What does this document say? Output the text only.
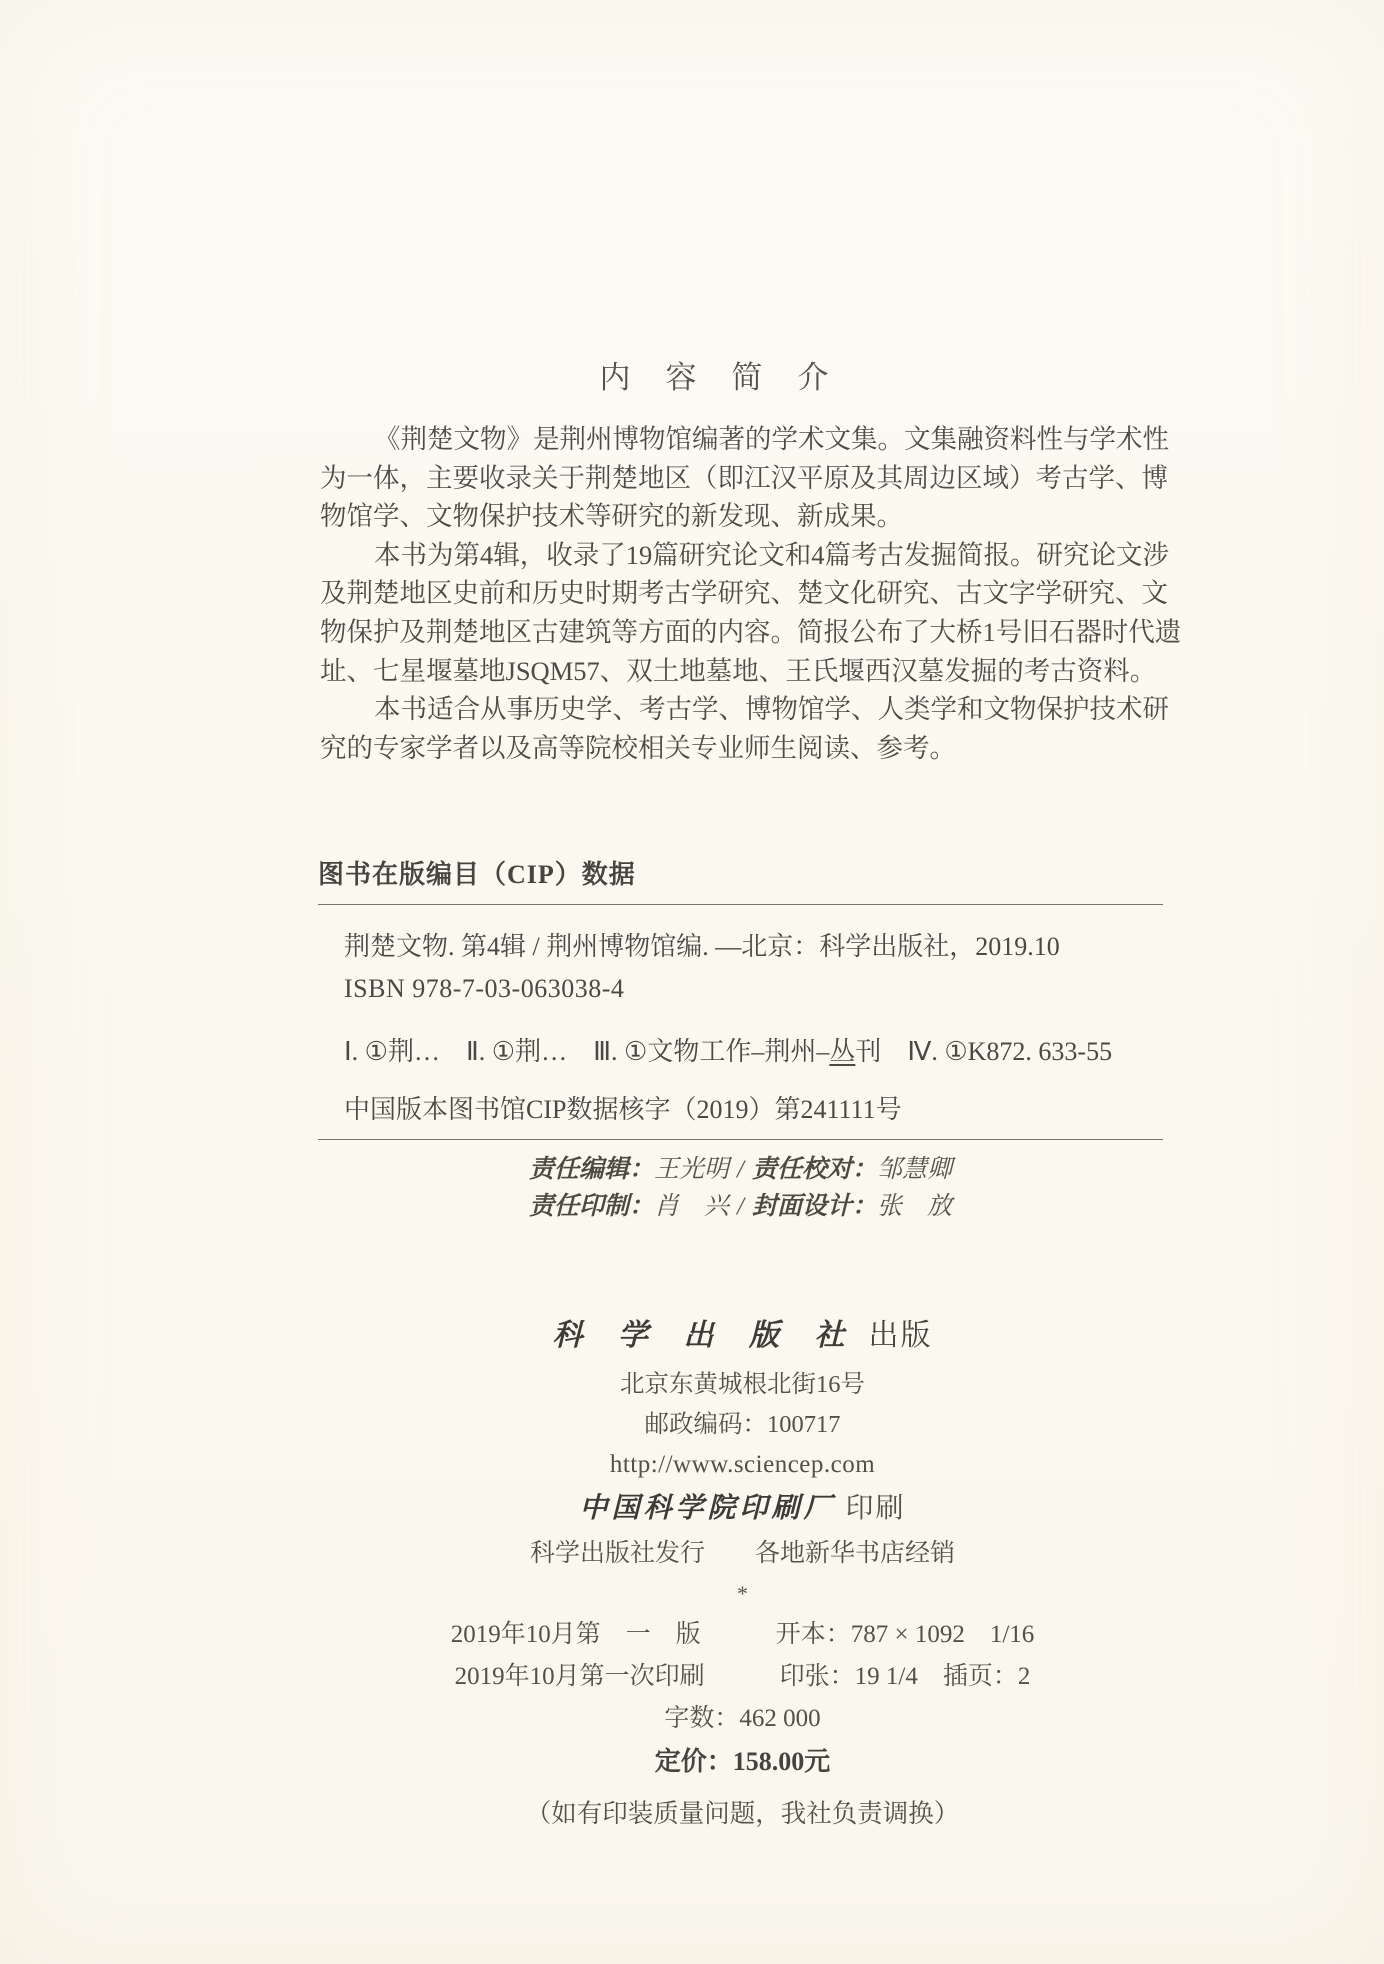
内　容　简　介
《荆楚文物》是荆州博物馆编著的学术文集。文集融资料性与学术性
为一体，主要收录关于荆楚地区（即江汉平原及其周边区域）考古学、博
物馆学、文物保护技术等研究的新发现、新成果。
本书为第4辑，收录了19篇研究论文和4篇考古发掘简报。研究论文涉
及荆楚地区史前和历史时期考古学研究、楚文化研究、古文字学研究、文
物保护及荆楚地区古建筑等方面的内容。简报公布了大桥1号旧石器时代遗
址、七星堰墓地JSQM57、双土地墓地、王氏堰西汉墓发掘的考古资料。
本书适合从事历史学、考古学、博物馆学、人类学和文物保护技术研
究的专家学者以及高等院校相关专业师生阅读、参考。
图书在版编目（CIP）数据
荆楚文物. 第4辑 / 荆州博物馆编. —北京：科学出版社，2019.10
ISBN 978-7-03-063038-4
Ⅰ. ①荆…　Ⅱ. ①荆…　Ⅲ. ①文物工作–荆州–丛刊　Ⅳ. ①K872. 633-55
中国版本图书馆CIP数据核字（2019）第241111号
责任编辑：王光明 / 责任校对：邹慧卿
责任印制：肖　兴 / 封面设计：张　放
科 学 出 版 社 出版
北京东黄城根北街16号
邮政编码：100717
http://www.sciencep.com
中国科学院印刷厂 印刷
科学出版社发行　　各地新华书店经销
*
2019年10月第　一　版　　　开本：787 × 1092　1/16
2019年10月第一次印刷　　　印张：19 1/4　插页：2
字数：462 000
定价：158.00元
（如有印装质量问题，我社负责调换）
